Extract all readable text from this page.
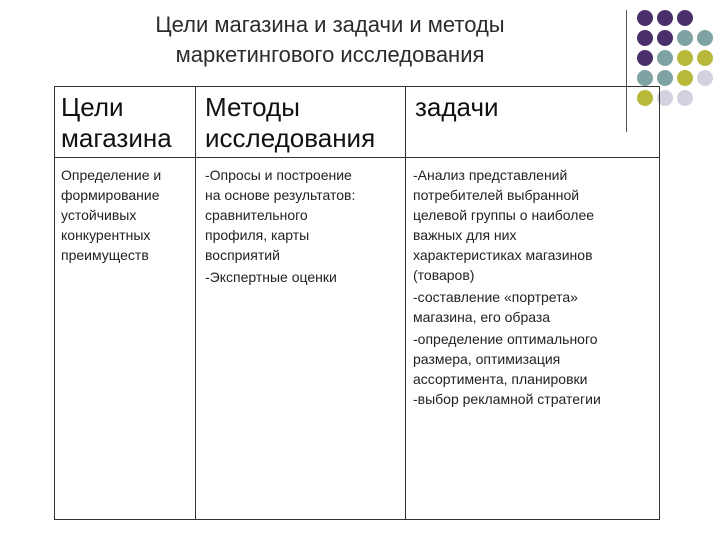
Цели магазина и задачи и методы
маркетингового исследования
Цели
магазина
Методы
исследования
задачи
Определение и
формирование
устойчивых
конкурентных
преимуществ
-Опросы и построение
на основе результатов:
сравнительного
профиля, карты
восприятий
-Экспертные оценки
-Анализ представлений
потребителей выбранной
целевой группы о наиболее
важных для них
характеристиках магазинов
(товаров)
-составление «портрета»
магазина, его образа
-определение оптимального
размера, оптимизация
ассортимента, планировки
-выбор рекламной стратегии
